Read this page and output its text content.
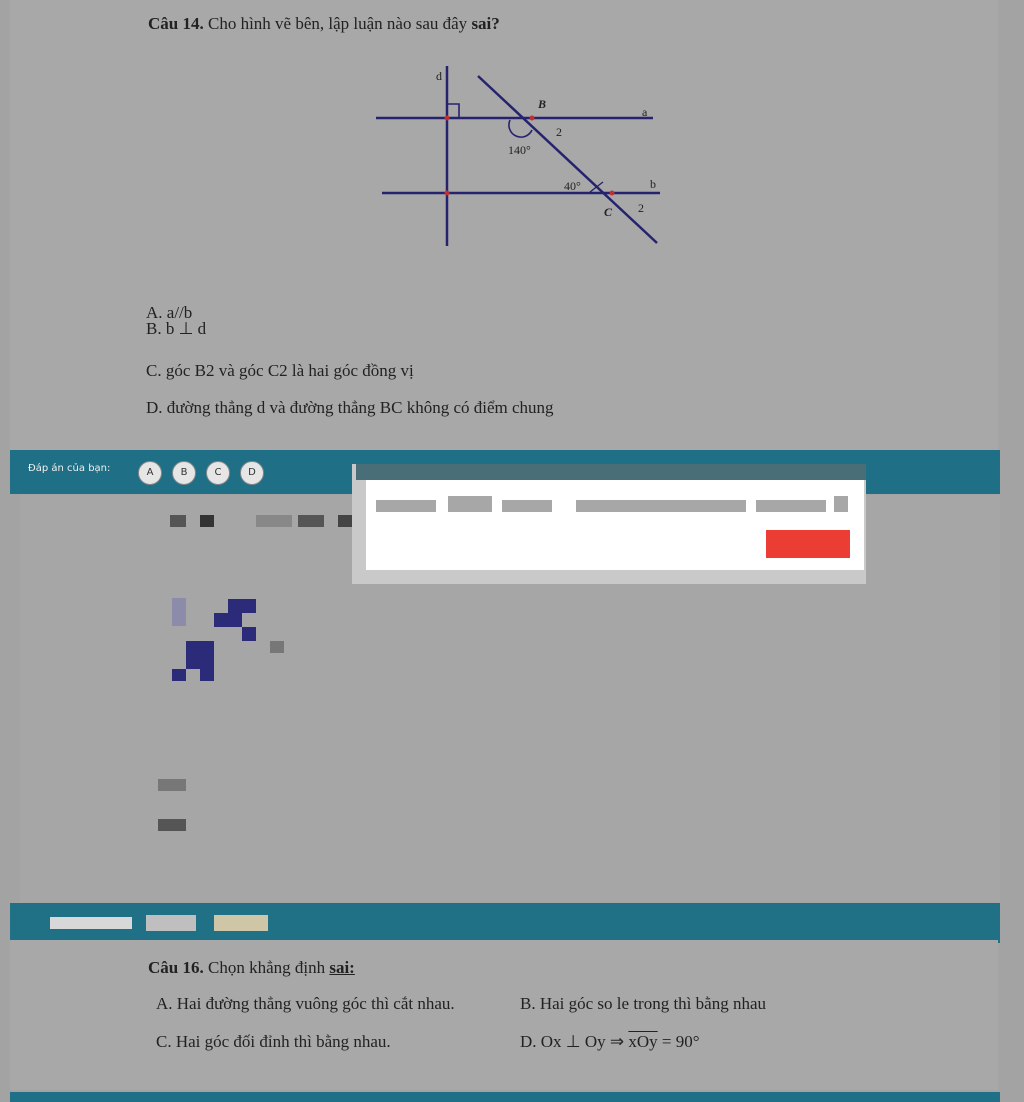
Câu 14. Cho hình vẽ bên, lập luận nào sau đây sai?
d
a
b
B
C
140°
40°
2
2
A. a//b
B. b ⊥ d
C. góc B2 và góc C2 là hai góc đồng vị
D. đường thẳng d và đường thẳng BC không có điểm chung
Đáp án của bạn:	A	B	C	D
Câu 16. Chọn khẳng định sai:
A. Hai đường thẳng vuông góc thì cắt nhau.	B. Hai góc so le trong thì bằng nhau
C. Hai góc đối đỉnh thì bằng nhau.	D. Ox ⊥ Oy ⇒ $\overline{xOy} = 90^\circ$
